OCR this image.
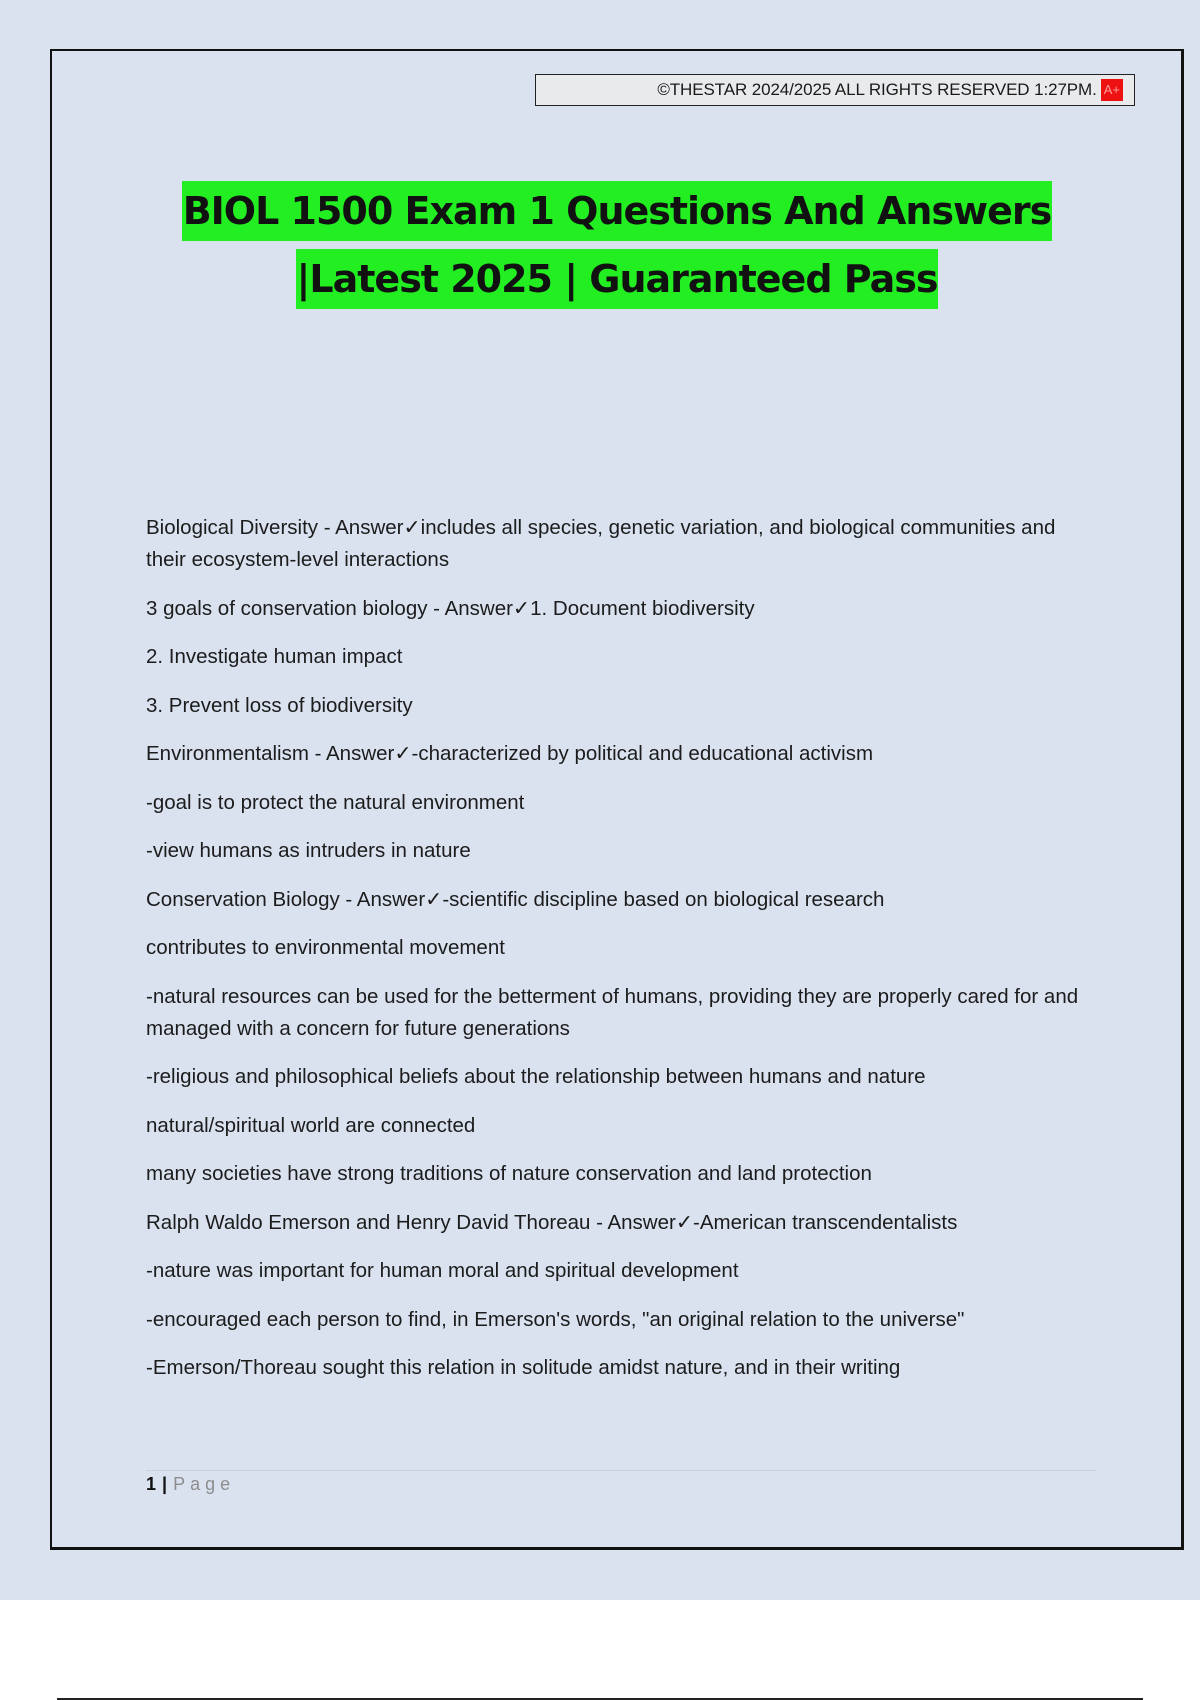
©THESTAR 2024/2025 ALL RIGHTS RESERVED 1:27PM. A+
BIOL 1500 Exam 1 Questions And Answers
|Latest 2025 | Guaranteed Pass

Biological Diversity - Answer✓includes all species, genetic variation, and biological communities and their ecosystem-level interactions

3 goals of conservation biology - Answer✓1. Document biodiversity

2. Investigate human impact

3. Prevent loss of biodiversity

Environmentalism - Answer✓-characterized by political and educational activism

-goal is to protect the natural environment

-view humans as intruders in nature

Conservation Biology - Answer✓-scientific discipline based on biological research

contributes to environmental movement

-natural resources can be used for the betterment of humans, providing they are properly cared for and managed with a concern for future generations

-religious and philosophical beliefs about the relationship between humans and nature

natural/spiritual world are connected

many societies have strong traditions of nature conservation and land protection

Ralph Waldo Emerson and Henry David Thoreau - Answer✓-American transcendentalists

-nature was important for human moral and spiritual development

-encouraged each person to find, in Emerson's words, "an original relation to the universe"

-Emerson/Thoreau sought this relation in solitude amidst nature, and in their writing

1 | Page
